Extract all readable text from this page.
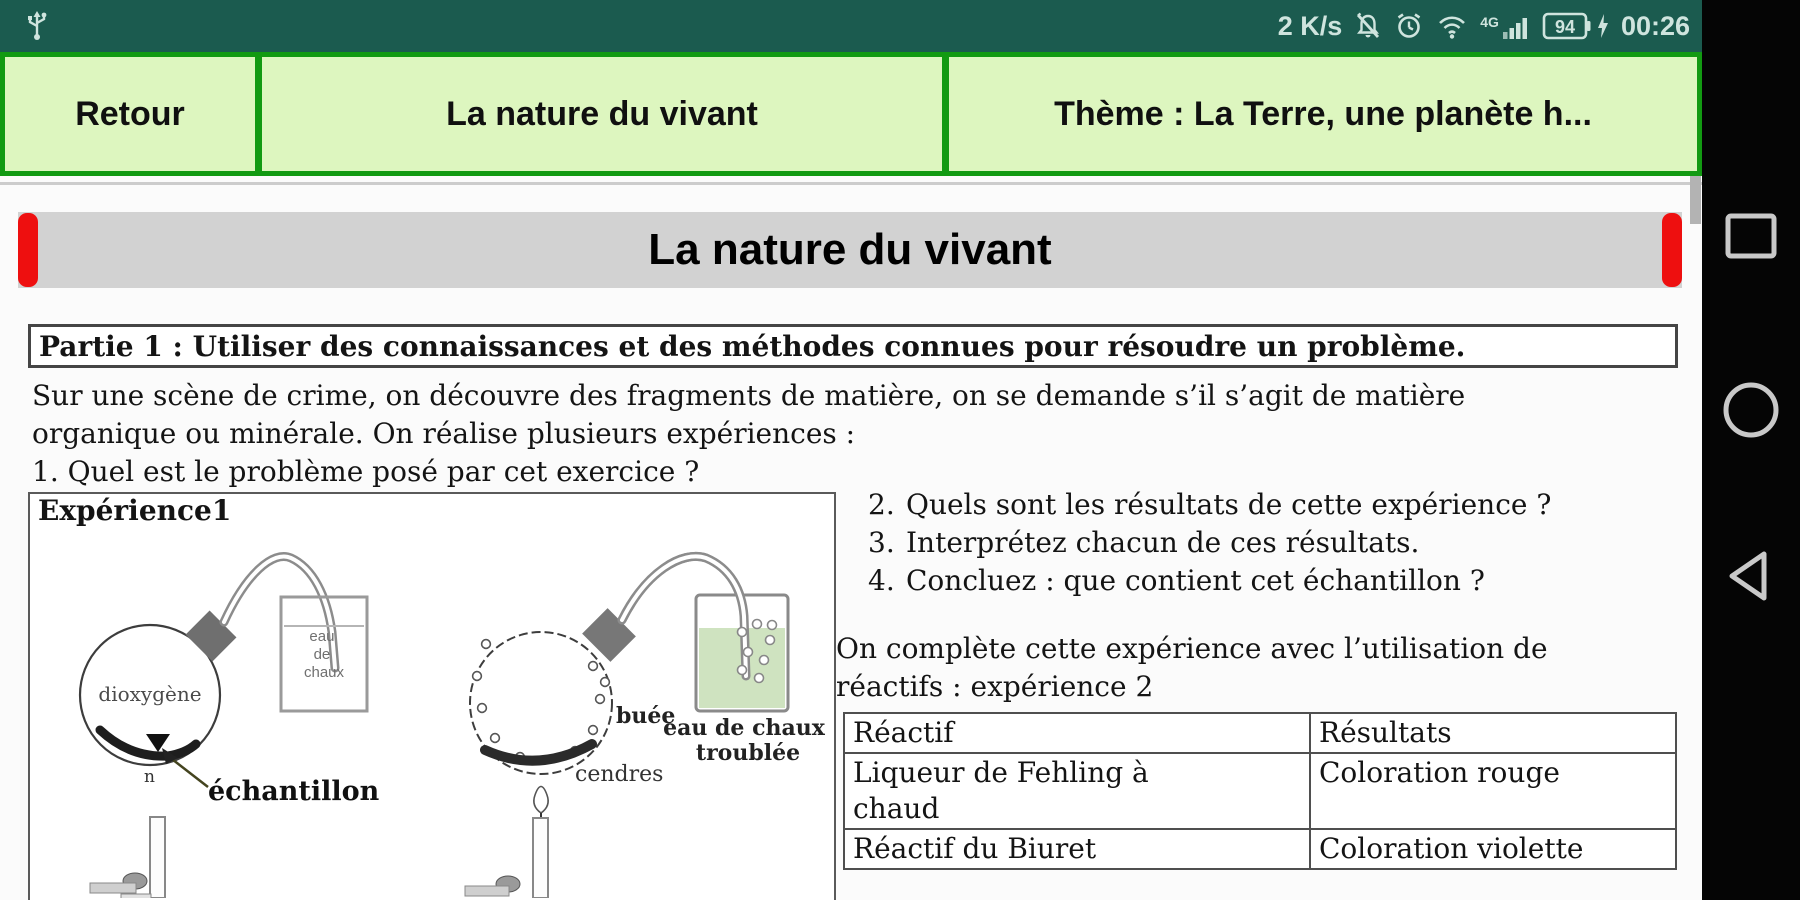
2 K/s	4G	94 00:26
Retour	La nature du vivant	Thème : La Terre, une planète h...
La nature du vivant
Partie 1 : Utiliser des connaissances et des méthodes connues pour résoudre un problème.
Sur une scène de crime, on découvre des fragments de matière, on se demande s’il s’agit de matière
organique ou minérale. On réalise plusieurs expériences :
1. Quel est le problème posé par cet exercice ?
Expérience1
eau de chaux
n
dioxygène
échantillon
buée
cendres
eau de chaux
troublée
2. Quels sont les résultats de cette expérience ?
3. Interprétez chacun de ces résultats.
4. Concluez : que contient cet échantillon ?
On complète cette expérience avec l’utilisation de
réactifs : expérience 2
Réactif	Résultats
Liqueur de Fehling à chaud	Coloration rouge
Réactif du Biuret	Coloration violette
